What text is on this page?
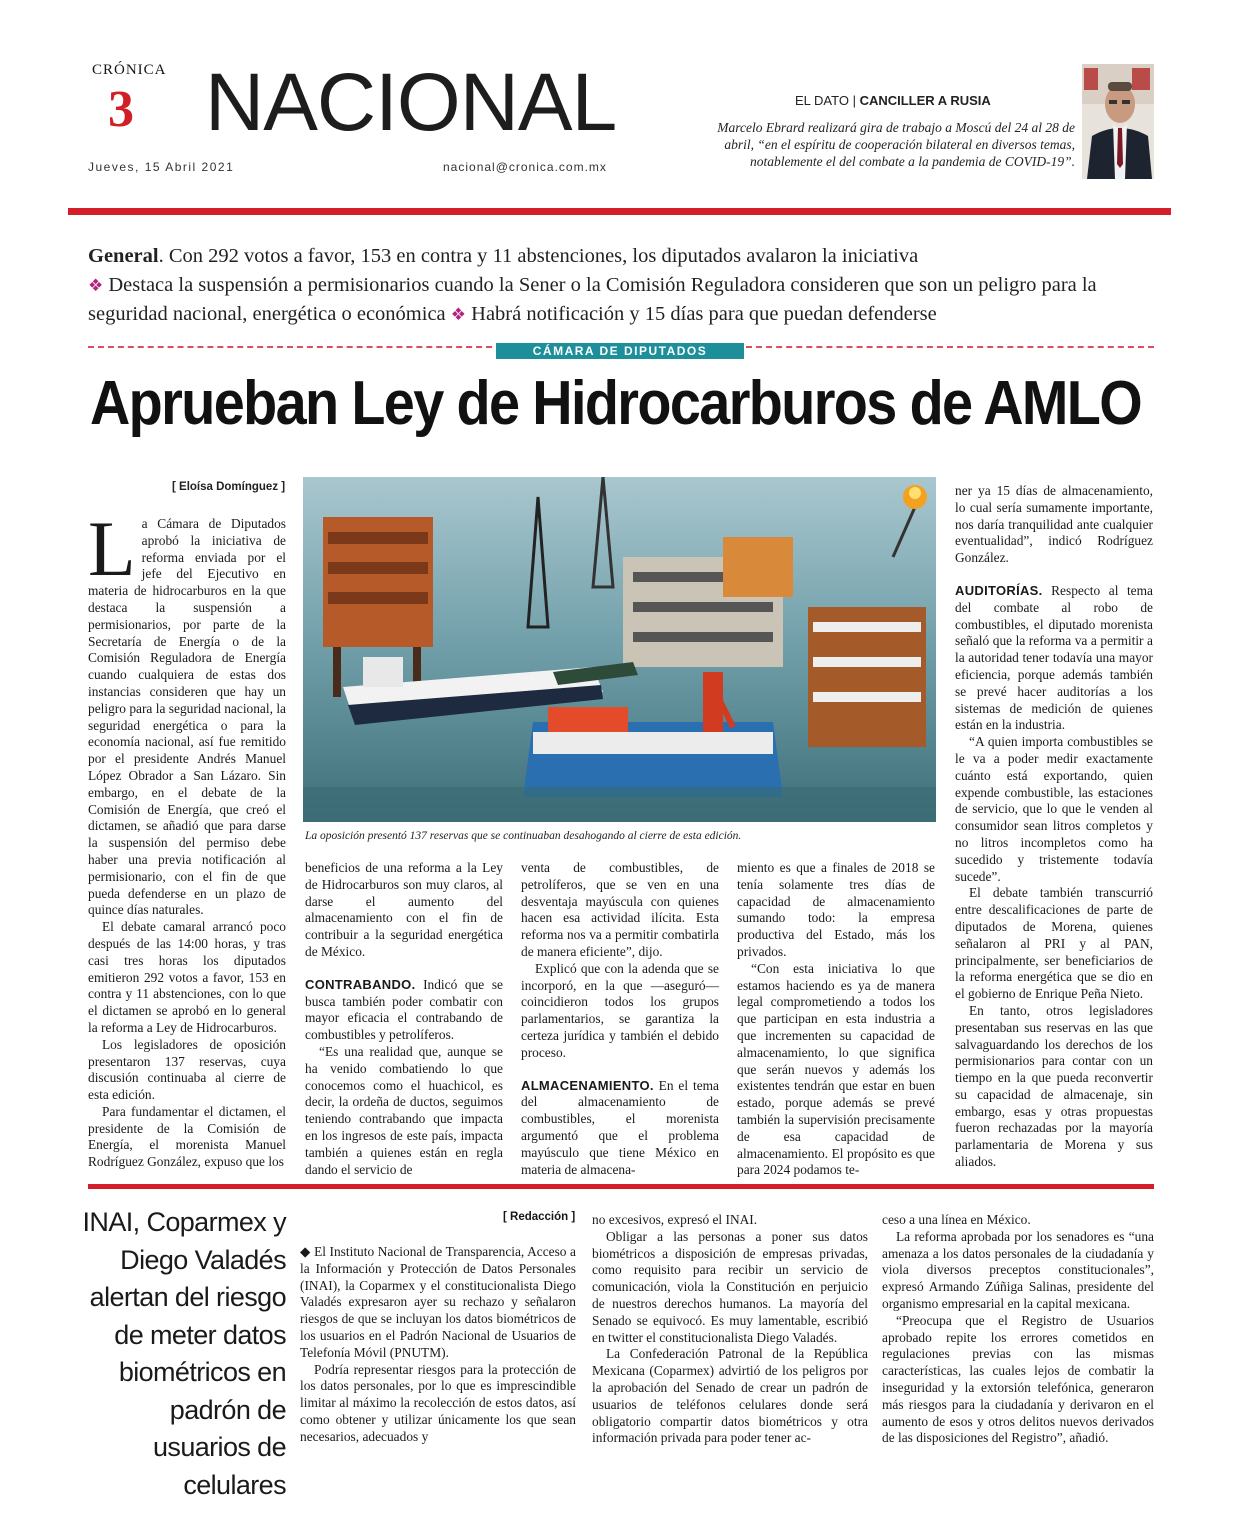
CRÓNICA
3 NACIONAL
Jueves, 15 Abril 2021	nacional@cronica.com.mx
EL DATO | CANCILLER A RUSIA
Marcelo Ebrard realizará gira de trabajo a Moscú del 24 al 28 de abril, “en el espíritu de cooperación bilateral en diversos temas, notablemente el del combate a la pandemia de COVID-19”.
General. Con 292 votos a favor, 153 en contra y 11 abstenciones, los diputados avalaron la iniciativa
❖ Destaca la suspensión a permisionarios cuando la Sener o la Comisión Reguladora consideren que son un peligro para la seguridad nacional, energética o económica ❖ Habrá notificación y 15 días para que puedan defenderse
CÁMARA DE DIPUTADOS
Aprueban Ley de Hidrocarburos de AMLO
[ Eloísa Domínguez ]

La Cámara de Diputados aprobó la iniciativa de reforma enviada por el jefe del Ejecutivo en materia de hidrocarburos en la que destaca la suspensión a permisionarios, por parte de la Secretaría de Energía o de la Comisión Reguladora de Energía cuando cualquiera de estas dos instancias consideren que hay un peligro para la seguridad nacional, la seguridad energética o para la economía nacional, así fue remitido por el presidente Andrés Manuel López Obrador a San Lázaro. Sin embargo, en el debate de la Comisión de Energía, que creó el dictamen, se añadió que para darse la suspensión del permiso debe haber una previa notificación al permisionario, con el fin de que pueda defenderse en un plazo de quince días naturales.

El debate camaral arrancó poco después de las 14:00 horas, y tras casi tres horas los diputados emitieron 292 votos a favor, 153 en contra y 11 abstenciones, con lo que el dictamen se aprobó en lo general la reforma a Ley de Hidrocarburos.

Los legisladores de oposición presentaron 137 reservas, cuya discusión continuaba al cierre de esta edición.

Para fundamentar el dictamen, el presidente de la Comisión de Energía, el morenista Manuel Rodríguez González, expuso que los

La oposición presentó 137 reservas que se continuaban desahogando al cierre de esta edición.

ner ya 15 días de almacenamiento, lo cual sería sumamente importante, nos daría tranquilidad ante cualquier eventualidad”, indicó Rodríguez González.

AUDITORÍAS. Respecto al tema del combate al robo de combustibles, el diputado morenista señaló que la reforma va a permitir a la autoridad tener todavía una mayor eficiencia, porque además también se prevé hacer auditorías a los sistemas de medición de quienes están en la industria.

“A quien importa combustibles se le va a poder medir exactamente cuánto está exportando, quien expende combustible, las estaciones de servicio, que lo que le venden al consumidor sean litros completos y no litros incompletos como ha sucedido y tristemente todavía sucede”.

El debate también transcurrió entre descalificaciones de parte de diputados de Morena, quienes señalaron al PRI y al PAN, principalmente, ser beneficiarios de la reforma energética que se dio en el gobierno de Enrique Peña Nieto.

En tanto, otros legisladores presentaban sus reservas en las que salvaguardando los derechos de los permisionarios para contar con un tiempo en la que pueda reconvertir su capacidad de almacenaje, sin embargo, esas y otras propuestas fueron rechazadas por la mayoría parlamentaria de Morena y sus aliados.

beneficios de una reforma a la Ley de Hidrocarburos son muy claros, al darse el aumento del almacenamiento con el fin de contribuir a la seguridad energética de México.

CONTRABANDO. Indicó que se busca también poder combatir con mayor eficacia el contrabando de combustibles y petrolíferos.

“Es una realidad que, aunque se ha venido combatiendo lo que conocemos como el huachicol, es decir, la ordeña de ductos, seguimos teniendo contrabando que impacta en los ingresos de este país, impacta también a quienes están en regla dando el servicio de

venta de combustibles, de petrolíferos, que se ven en una desventaja mayúscula con quienes hacen esa actividad ilícita. Esta reforma nos va a permitir combatirla de manera eficiente”, dijo.

Explicó que con la adenda que se incorporó, en la que —aseguró— coincidieron todos los grupos parlamentarios, se garantiza la certeza jurídica y también el debido proceso.

ALMACENAMIENTO. En el tema del almacenamiento de combustibles, el morenista argumentó que el problema mayúsculo que tiene México en materia de almacena-

miento es que a finales de 2018 se tenía solamente tres días de capacidad de almacenamiento sumando todo: la empresa productiva del Estado, más los privados.

“Con esta iniciativa lo que estamos haciendo es ya de manera legal comprometiendo a todos los que participan en esta industria a que incrementen su capacidad de almacenamiento, lo que significa que serán nuevos y además los existentes tendrán que estar en buen estado, porque además se prevé también la supervisión precisamente de esa capacidad de almacenamiento. El propósito es que para 2024 podamos te-

INAI, Coparmex y Diego Valadés alertan del riesgo de meter datos biométricos en padrón de usuarios de celulares
[ Redacción ]

◆ El Instituto Nacional de Transparencia, Acceso a la Información y Protección de Datos Personales (INAI), la Coparmex y el constitucionalista Diego Valadés expresaron ayer su rechazo y señalaron riesgos de que se incluyan los datos biométricos de los usuarios en el Padrón Nacional de Usuarios de Telefonía Móvil (PNUTM).

Podría representar riesgos para la protección de los datos personales, por lo que es imprescindible limitar al máximo la recolección de estos datos, así como obtener y utilizar únicamente los que sean necesarios, adecuados y

no excesivos, expresó el INAI.

Obligar a las personas a poner sus datos biométricos a disposición de empresas privadas, como requisito para recibir un servicio de comunicación, viola la Constitución en perjuicio de nuestros derechos humanos. La mayoría del Senado se equivocó. Es muy lamentable, escribió en twitter el constitucionalista Diego Valadés.

La Confederación Patronal de la República Mexicana (Coparmex) advirtió de los peligros por la aprobación del Senado de crear un padrón de usuarios de teléfonos celulares donde será obligatorio compartir datos biométricos y otra información privada para poder tener ac-

ceso a una línea en México.

La reforma aprobada por los senadores es “una amenaza a los datos personales de la ciudadanía y viola diversos preceptos constitucionales”, expresó Armando Zúñiga Salinas, presidente del organismo empresarial en la capital mexicana.

“Preocupa que el Registro de Usuarios aprobado repite los errores cometidos en regulaciones previas con las mismas características, las cuales lejos de combatir la inseguridad y la extorsión telefónica, generaron más riesgos para la ciudadanía y derivaron en el aumento de esos y otros delitos nuevos derivados de las disposiciones del Registro”, añadió.
